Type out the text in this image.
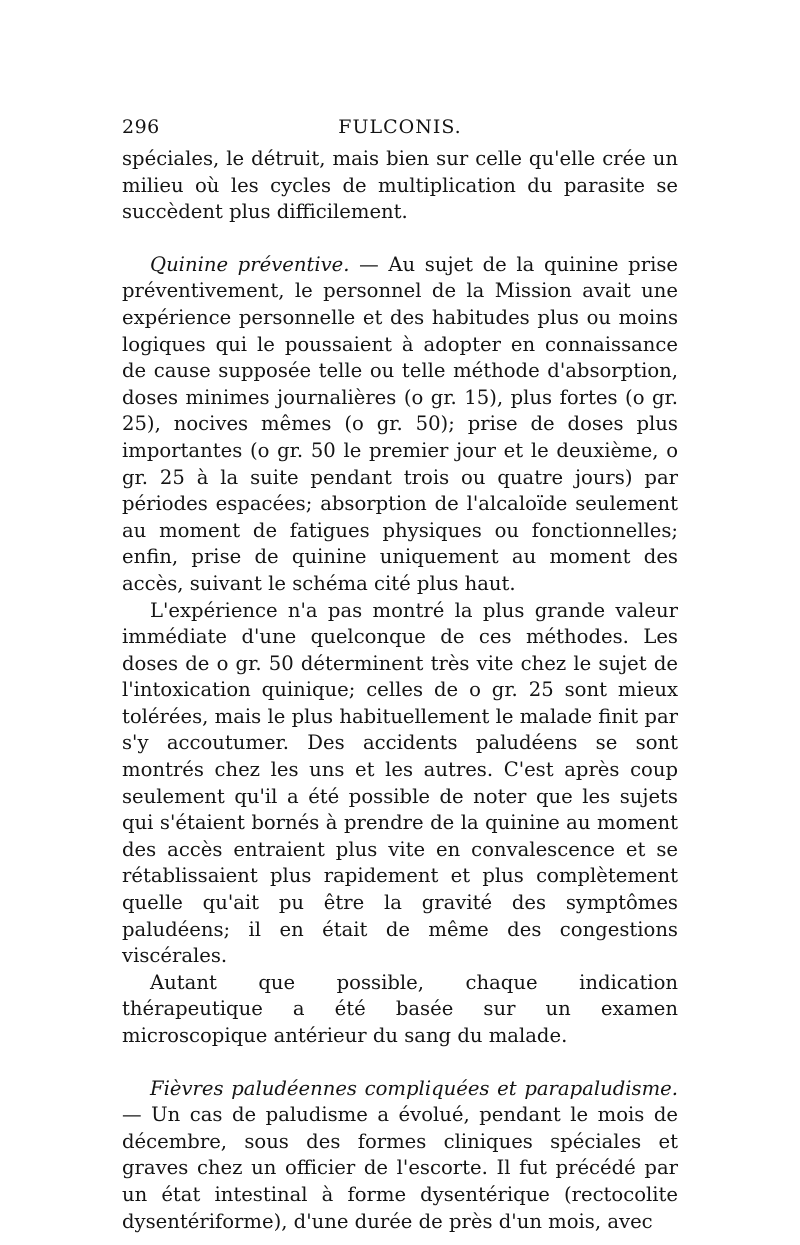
296	FULCONIS.

spéciales, le détruit, mais bien sur celle qu'elle crée un milieu où les cycles de multiplication du parasite se succèdent plus difficilement.

Quinine préventive. — Au sujet de la quinine prise préventivement, le personnel de la Mission avait une expérience personnelle et des habitudes plus ou moins logiques qui le poussaient à adopter en connaissance de cause supposée telle ou telle méthode d'absorption, doses minimes journalières (o gr. 15), plus fortes (o gr. 25), nocives mêmes (o gr. 50); prise de doses plus importantes (o gr. 50 le premier jour et le deuxième, o gr. 25 à la suite pendant trois ou quatre jours) par périodes espacées; absorption de l'alcaloïde seulement au moment de fatigues physiques ou fonctionnelles; enfin, prise de quinine uniquement au moment des accès, suivant le schéma cité plus haut.

L'expérience n'a pas montré la plus grande valeur immédiate d'une quelconque de ces méthodes. Les doses de o gr. 50 déterminent très vite chez le sujet de l'intoxication quinique; celles de o gr. 25 sont mieux tolérées, mais le plus habituellement le malade finit par s'y accoutumer. Des accidents paludéens se sont montrés chez les uns et les autres. C'est après coup seulement qu'il a été possible de noter que les sujets qui s'étaient bornés à prendre de la quinine au moment des accès entraient plus vite en convalescence et se rétablissaient plus rapidement et plus complètement quelle qu'ait pu être la gravité des symptômes paludéens; il en était de même des congestions viscérales.

Autant que possible, chaque indication thérapeutique a été basée sur un examen microscopique antérieur du sang du malade.

Fièvres paludéennes compliquées et parapaludisme. — Un cas de paludisme a évolué, pendant le mois de décembre, sous des formes cliniques spéciales et graves chez un officier de l'escorte. Il fut précédé par un état intestinal à forme dysentérique (rectocolite dysentériforme), d'une durée de près d'un mois, avec
